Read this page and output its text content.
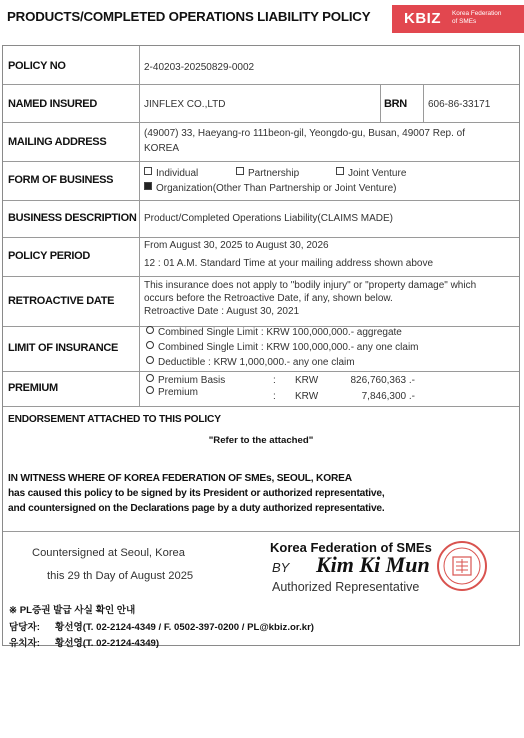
PRODUCTS/COMPLETED OPERATIONS LIABILITY POLICY KBIZ Korea Federation
of SMEs
POLICY NO	2-40203-20250829-0002
NAMED INSURED	JINFLEX CO.,LTD	BRN 606-86-33171
MAILING ADDRESS
(49007) 33, Haeyang-ro 111beon-gil, Yeongdo-gu, Busan, 49007 Rep. of
KOREA
FORM OF BUSINESS
Individual	Partnership	Joint Venture
Organization(Other Than Partnership or Joint Venture)
BUSINESS DESCRIPTION Product/Completed Operations Liability(CLAIMS MADE)
POLICY PERIOD
From August 30, 2025 to August 30, 2026
12 : 01 A.M. Standard Time at your mailing address shown above
RETROACTIVE DATE
This insurance does not apply to "bodily injury" or "property damage" which
occurs before the Retroactive Date, if any, shown below.
Retroactive Date : August 30, 2021
LIMIT OF INSURANCE
Combined Single Limit : KRW 100,000,000.- aggregate
Combined Single Limit : KRW 100,000,000.- any one claim
Deductible : KRW 1,000,000.- any one claim
PREMIUM
Premium Basis	: KRW	826,760,363 .-
Premium	: KRW	7,846,300 .-
ENDORSEMENT ATTACHED TO THIS POLICY
"Refer to the attached"
IN WITNESS WHERE OF KOREA FEDERATION OF SMEs, SEOUL, KOREA
has caused this policy to be signed by its President or authorized representative,
and countersigned on the Declarations page by a duty authorized representative.
Countersigned at Seoul, Korea
this 29 th Day of August 2025
Korea Federation of SMEs
BY Kim Ki Mun
Authorized Representative
※ PL증권 발급 사실 확인 안내
담당자: 황선영(T. 02-2124-4349 / F. 0502-397-0200 / PL@kbiz.or.kr)
유치자: 황선영(T. 02-2124-4349)
